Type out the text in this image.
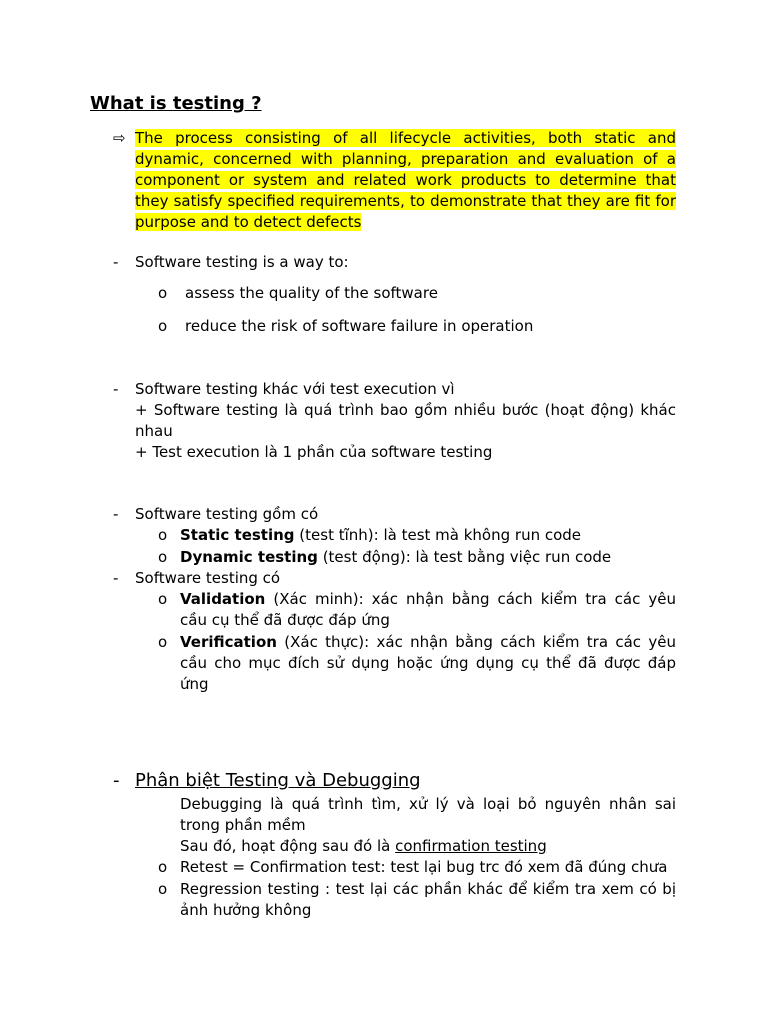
What is testing ?
⇨ The process consisting of all lifecycle activities, both static and
dynamic, concerned with planning, preparation and evaluation of a
component or system and related work products to determine that
they satisfy specified requirements, to demonstrate that they are fit for
purpose and to detect defects
- Software testing is a way to:
o assess the quality of the software
o reduce the risk of software failure in operation
- Software testing khác với test execution vì
+ Software testing là quá trình bao gồm nhiều bước (hoạt động) khác
nhau
+ Test execution là 1 phần của software testing
- Software testing gồm có
o Static testing (test tĩnh): là test mà không run code
o Dynamic testing (test động): là test bằng việc run code
- Software testing có
o Validation (Xác minh): xác nhận bằng cách kiểm tra các yêu
cầu cụ thể đã được đáp ứng
o Verification (Xác thực): xác nhận bằng cách kiểm tra các yêu
cầu cho mục đích sử dụng hoặc ứng dụng cụ thể đã được đáp
ứng
- Phân biệt Testing và Debugging
Debugging là quá trình tìm, xử lý và loại bỏ nguyên nhân sai
trong phần mềm
Sau đó, hoạt động sau đó là confirmation testing
o Retest = Confirmation test: test lại bug trc đó xem đã đúng chưa
o Regression testing : test lại các phần khác để kiểm tra xem có bị
ảnh hưởng không
